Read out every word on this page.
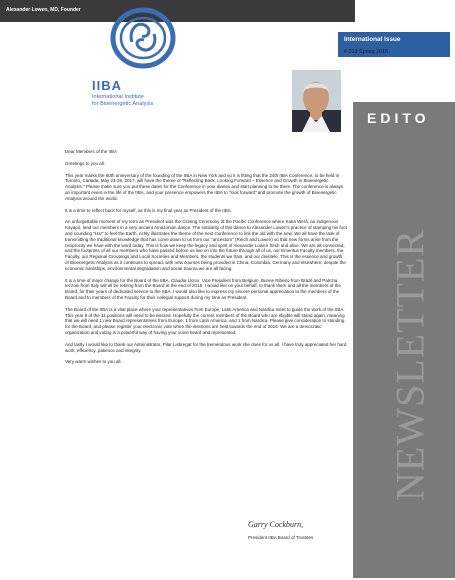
Alexander Lowen, MD, Founder
IIBA
International Institute
for Bioenergetic Analysis
International Issue
# 013 Spring 2016
EDITO
NEWSLETTER

Dear Members of the IIBA

Greetings to you all.

This year marks the 60th anniversary of the founding of the IIBA in New York and so it is fitting that the 24th IIBA Conference, to be held in Toronto, Canada, May 23-28, 2017, will have the theme of "Reflecting Back, Looking Forward – Essence and Growth in Bioenergetic Analysis." Please make sure you put these dates for the Conference in your diaries and start planning to be there. The conference is always an important event in the life of the IIBA, and your presence empowers the IIBA to "look forward" and promote the growth of Bioenergetic Analysis around the world.

It is a time to reflect back for myself, as this is my final year as President of the IIBA.

An unforgettable moment of my term as President was the Closing Ceremony at the Pacific Conference where Kaká Werá, an indigenous Kayapó, lead our members in a very ancient Amazonian dance. The similarity of this dance to Alexander Lowen's practice of stamping his foot and sounding "Ha!" to feel the Earth, richly illustrates the theme of the next Conference to link the old with the new. We all have the task of transmitting the traditional knowledge that has come down to us from our "ancestors" (Reich and Lowen) so that new forms arise from the reciprocity we have with the word today. This is how we keep the legacy and spirit of Alexander Lowen fresh and alive. We are all connected, and the footprints of all our members who have passed before us live on into the future through all of us, our Emeritus Faculty members, the Faculty, our Regional Groupings and Local Societies and Members, the students we train, and our clientele. This is the essence and growth of Bioenergetic Analysis as it continues to spread, with new courses being provided in China, Colombia, Germany and elsewhere, despite the economic hardships, environmental degradation and social trauma we are all facing.

It is a time of major change for the Board of the IIBA. Claudia Ucros, Vice President from Belgium, Bunne Ribeiro from Brazil and Patrizia Iezzoni from Italy will all be retiring from the Board at the end of 2016. I would like on your behalf, to thank them and all the members of the Board, for their years of dedicated service to the IIBA. I would also like to express my sincere personal appreciation to the members of the Board and to members of the Faculty for their collegial support during my time as President.

The Board of the IIBA is a vital place where your representatives from Europe, Latin America and Nardica meet to guide the work of the IIBA. This year 8 of the 11 positions will need to be elected. Hopefully the current members of the Board who are eligible will stand again, meaning that we will need 1 new Board representatives from Europe, 1 from Latin America, and 1 from Nardica. Please give consideration to standing for the Board, and please register your electronic vote when the elections are held towards the end of 2016. We are a democratic organization and voting is a powerful way of having your voice heard and represented.

And lastly I would like to thank our Administrator, Pilar Lisbregat for the tremendous work she does for us all. I have truly appreciated her hard work, efficiency, patience and integrity.

Very warm wishes to you all.

Garry Cockburn,
President IIBA Board of Trustees
